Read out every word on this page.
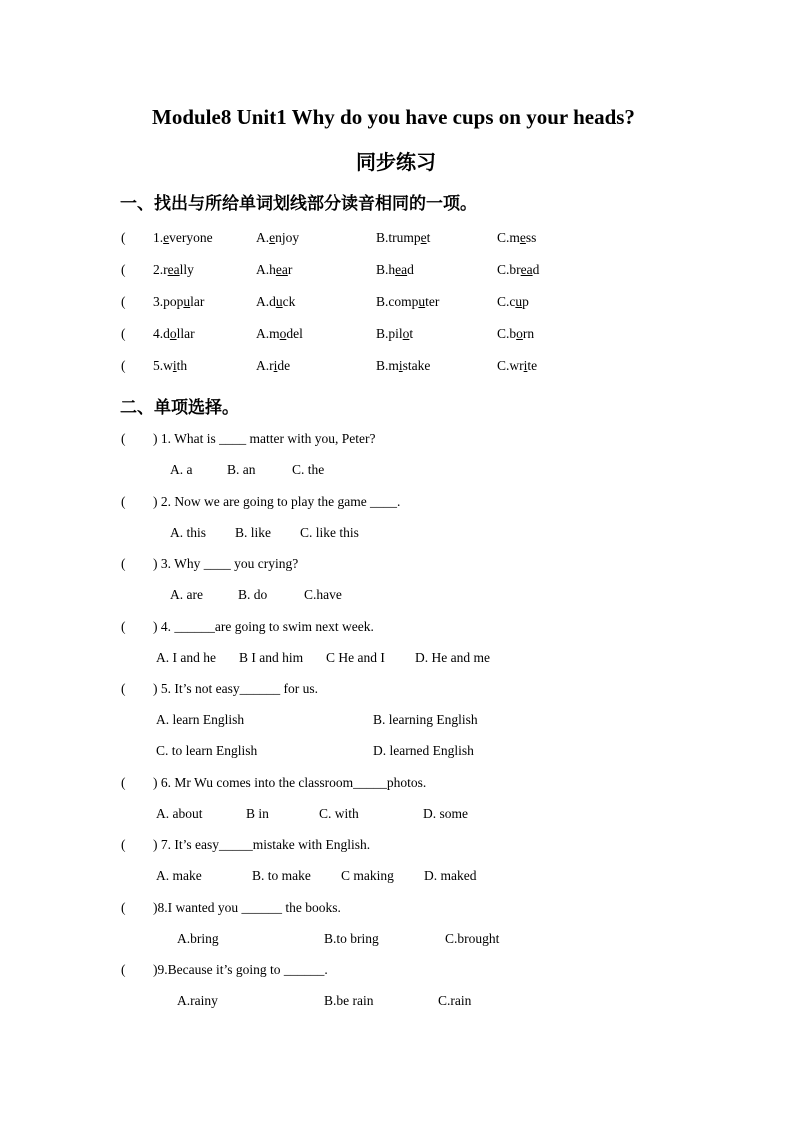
Module8 Unit1 Why do you have cups on your heads?
同步练习
一、找出与所给单词划线部分读音相同的一项。
( 1.everyone	A.enjoy	B.trumpet	C.mess
( 2.really	A.hear	B.head	C.bread
( 3.popular	A.duck	B.computer	C.cup
( 4.dollar	A.model	B.pilot	C.born
( 5.with	A.ride	B.mistake	C.write
二、单项选择。
( ) 1. What is ____ matter with you, Peter?
A. a	B. an	C. the
( ) 2. Now we are going to play the game ____.
A. this B. like C. like this
( ) 3. Why ____ you crying?
A. are	B. do	C.have
( ) 4. ______are going to swim next week.
A. I and he B I and him C He and I D. He and me
( ) 5. It’s not easy______ for us.
A. learn English	B. learning English
C. to learn English	D. learned English
( ) 6. Mr Wu comes into the classroom_____photos.
A. about	B in	C. with	D. some
( ) 7. It’s easy_____mistake with English.
A. make	B. to make C making D. maked
( )8.I wanted you ______ the books.
A.bring	B.to bring	C.brought
( )9.Because it’s going to ______.
A.rainy	B.be rain	C.rain
